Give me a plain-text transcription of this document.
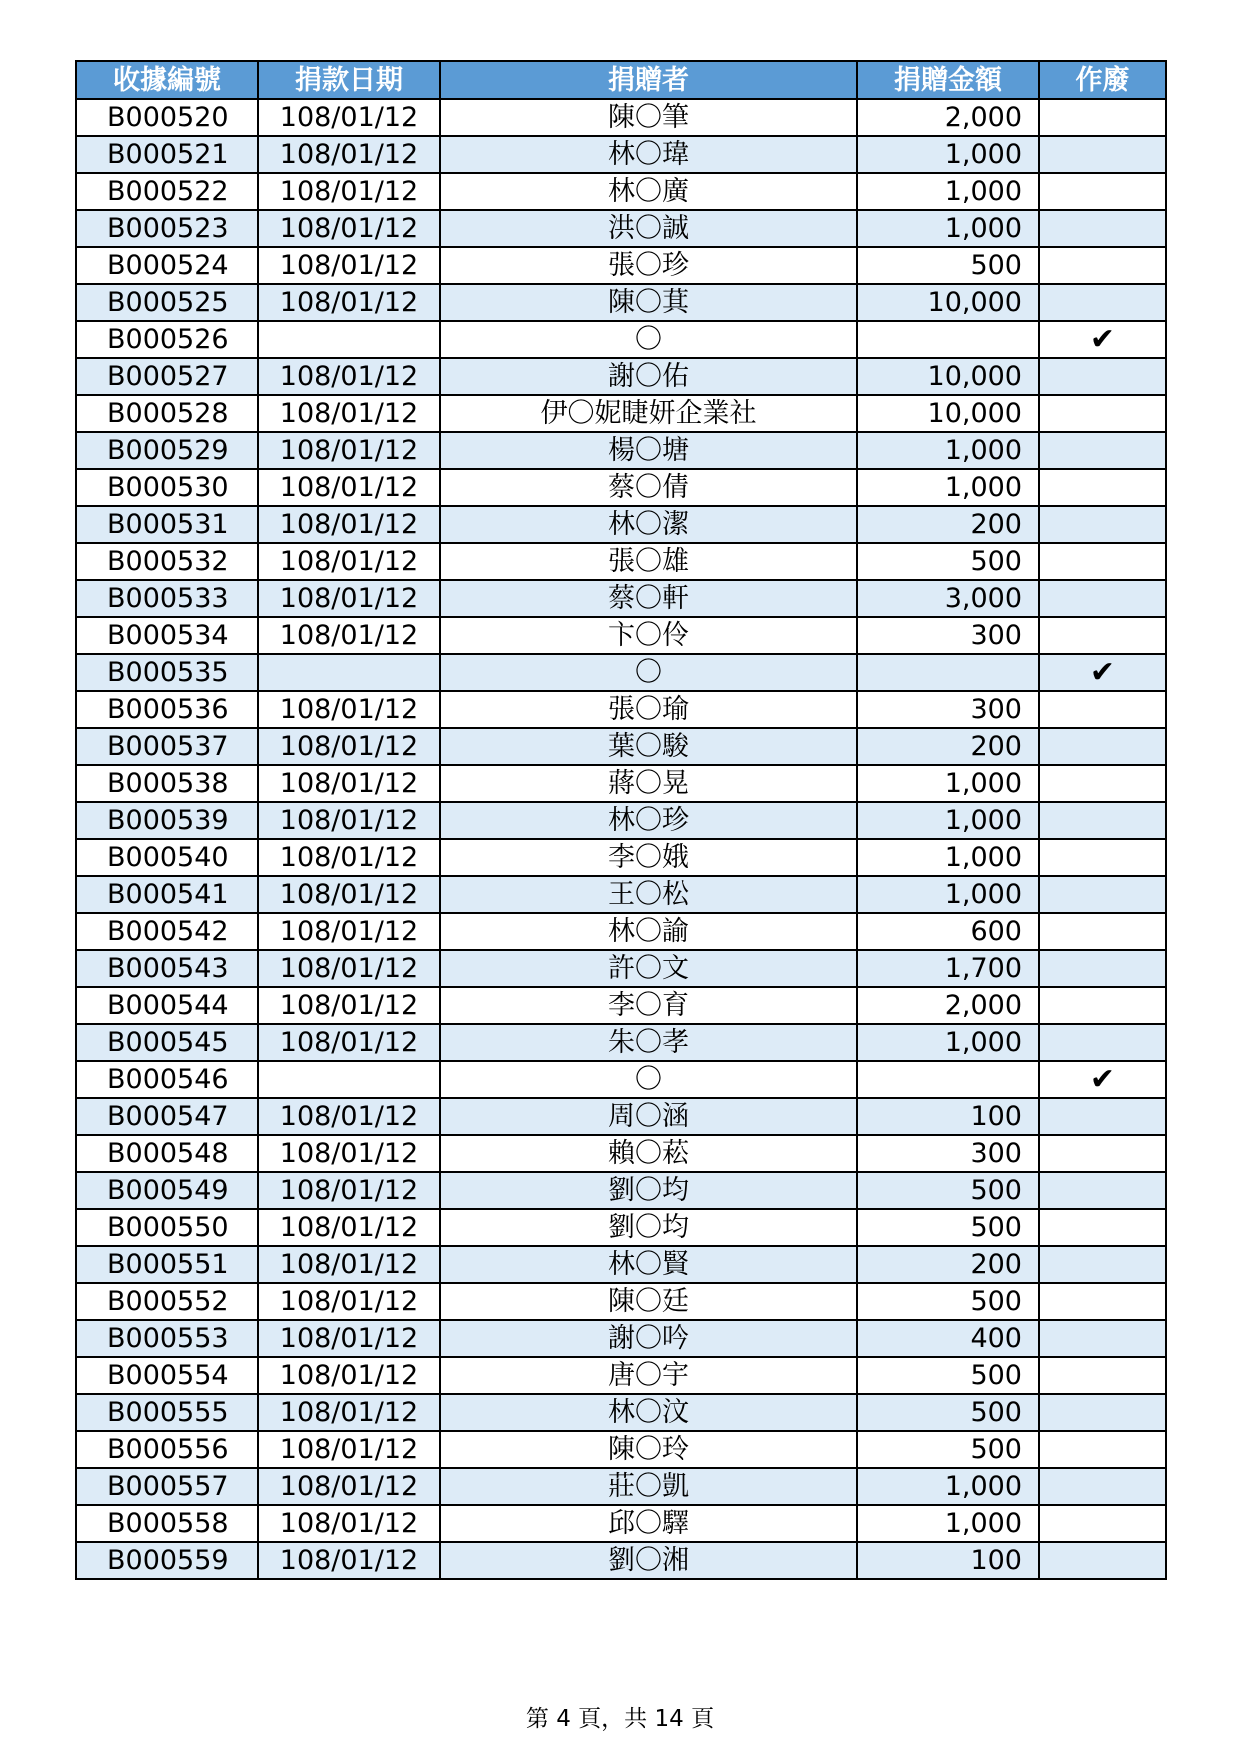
收據編號	捐款日期	捐贈者	捐贈金額	作廢
B000520	108/01/12	陳〇筆	2,000	
B000521	108/01/12	林〇瑋	1,000	
B000522	108/01/12	林〇廣	1,000	
B000523	108/01/12	洪〇誠	1,000	
B000524	108/01/12	張〇珍	500	
B000525	108/01/12	陳〇萁	10,000	
B000526		〇		✔
B000527	108/01/12	謝〇佑	10,000	
B000528	108/01/12	伊〇妮睫妍企業社	10,000	
B000529	108/01/12	楊〇塘	1,000	
B000530	108/01/12	蔡〇倩	1,000	
B000531	108/01/12	林〇潔	200	
B000532	108/01/12	張〇雄	500	
B000533	108/01/12	蔡〇軒	3,000	
B000534	108/01/12	卞〇伶	300	
B000535		〇		✔
B000536	108/01/12	張〇瑜	300	
B000537	108/01/12	葉〇駿	200	
B000538	108/01/12	蔣〇晃	1,000	
B000539	108/01/12	林〇珍	1,000	
B000540	108/01/12	李〇娥	1,000	
B000541	108/01/12	王〇松	1,000	
B000542	108/01/12	林〇諭	600	
B000543	108/01/12	許〇文	1,700	
B000544	108/01/12	李〇育	2,000	
B000545	108/01/12	朱〇孝	1,000	
B000546		〇		✔
B000547	108/01/12	周〇涵	100	
B000548	108/01/12	賴〇菘	300	
B000549	108/01/12	劉〇均	500	
B000550	108/01/12	劉〇均	500	
B000551	108/01/12	林〇賢	200	
B000552	108/01/12	陳〇廷	500	
B000553	108/01/12	謝〇吟	400	
B000554	108/01/12	唐〇宇	500	
B000555	108/01/12	林〇汶	500	
B000556	108/01/12	陳〇玲	500	
B000557	108/01/12	莊〇凱	1,000	
B000558	108/01/12	邱〇驛	1,000	
B000559	108/01/12	劉〇湘	100	
第 4 頁，共 14 頁
